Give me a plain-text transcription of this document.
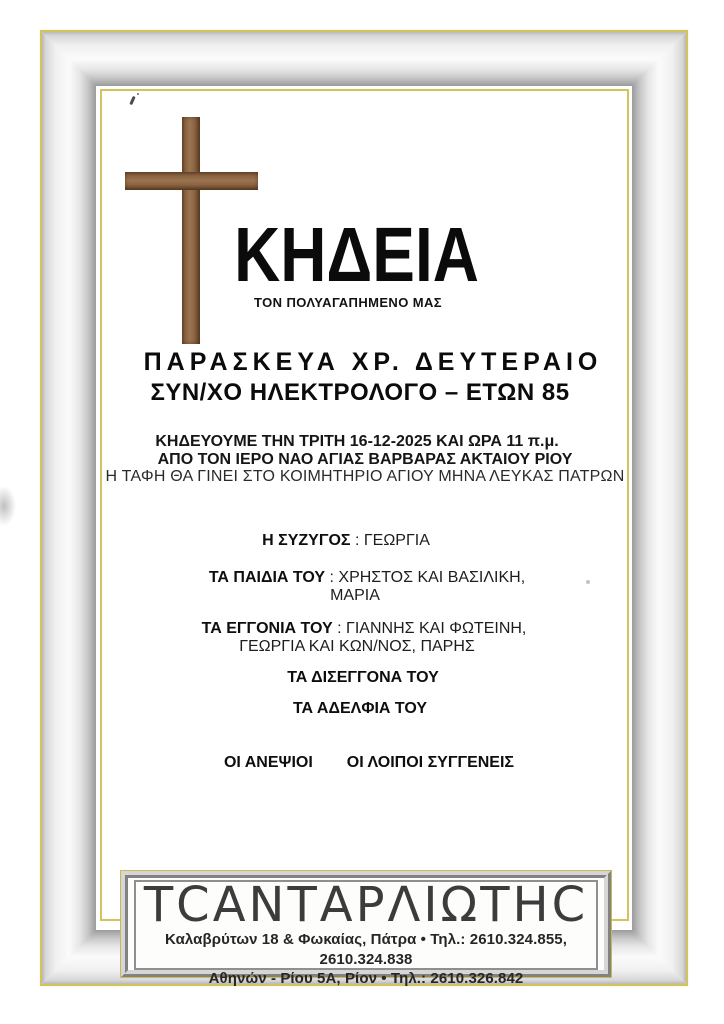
ΚΗΔΕΙΑ
ΤΟΝ ΠΟΛΥΑΓΑΠΗΜΕΝΟ ΜΑΣ
ΠΑΡΑΣΚΕΥΑ ΧΡ. ΔΕΥΤΕΡΑΙΟ
ΣΥΝ/ΧΟ ΗΛΕΚΤΡΟΛΟΓΟ – ΕΤΩΝ 85
ΚΗΔΕΥΟΥΜΕ ΤΗΝ ΤΡΙΤΗ 16-12-2025 ΚΑΙ ΩΡΑ 11 π.μ.
ΑΠΟ ΤΟΝ ΙΕΡΟ ΝΑΟ ΑΓΙΑΣ ΒΑΡΒΑΡΑΣ ΑΚΤΑΙΟΥ ΡΙΟΥ
Η ΤΑΦΗ ΘΑ ΓΙΝΕΙ ΣΤΟ ΚΟΙΜΗΤΗΡΙΟ ΑΓΙΟΥ ΜΗΝΑ ΛΕΥΚΑΣ ΠΑΤΡΩΝ
Η ΣΥΖΥΓΟΣ : ΓΕΩΡΓΙΑ
ΤΑ ΠΑΙΔΙΑ ΤΟΥ : ΧΡΗΣΤΟΣ ΚΑΙ ΒΑΣΙΛΙΚΗ,
ΜΑΡΙΑ
ΤΑ ΕΓΓΟΝΙΑ ΤΟΥ : ΓΙΑΝΝΗΣ ΚΑΙ ΦΩΤΕΙΝΗ,
ΓΕΩΡΓΙΑ ΚΑΙ ΚΩΝ/ΝΟΣ, ΠΑΡΗΣ
ΤΑ ΔΙΣΕΓΓΟΝΑ ΤΟΥ
ΤΑ ΑΔΕΛΦΙΑ ΤΟΥ
ΟΙ ΑΝΕΨΙΟΙ ΟΙ ΛΟΙΠΟΙ ΣΥΓΓΕΝΕΙΣ
ΤCΑΝΤΑΡΛΙΩΤΗC
Καλαβρύτων 18 & Φωκαίας, Πάτρα • Τηλ.: 2610.324.855, 2610.324.838
Αθηνών - Ρίου 5Α, Ρίον • Τηλ.: 2610.326.842
